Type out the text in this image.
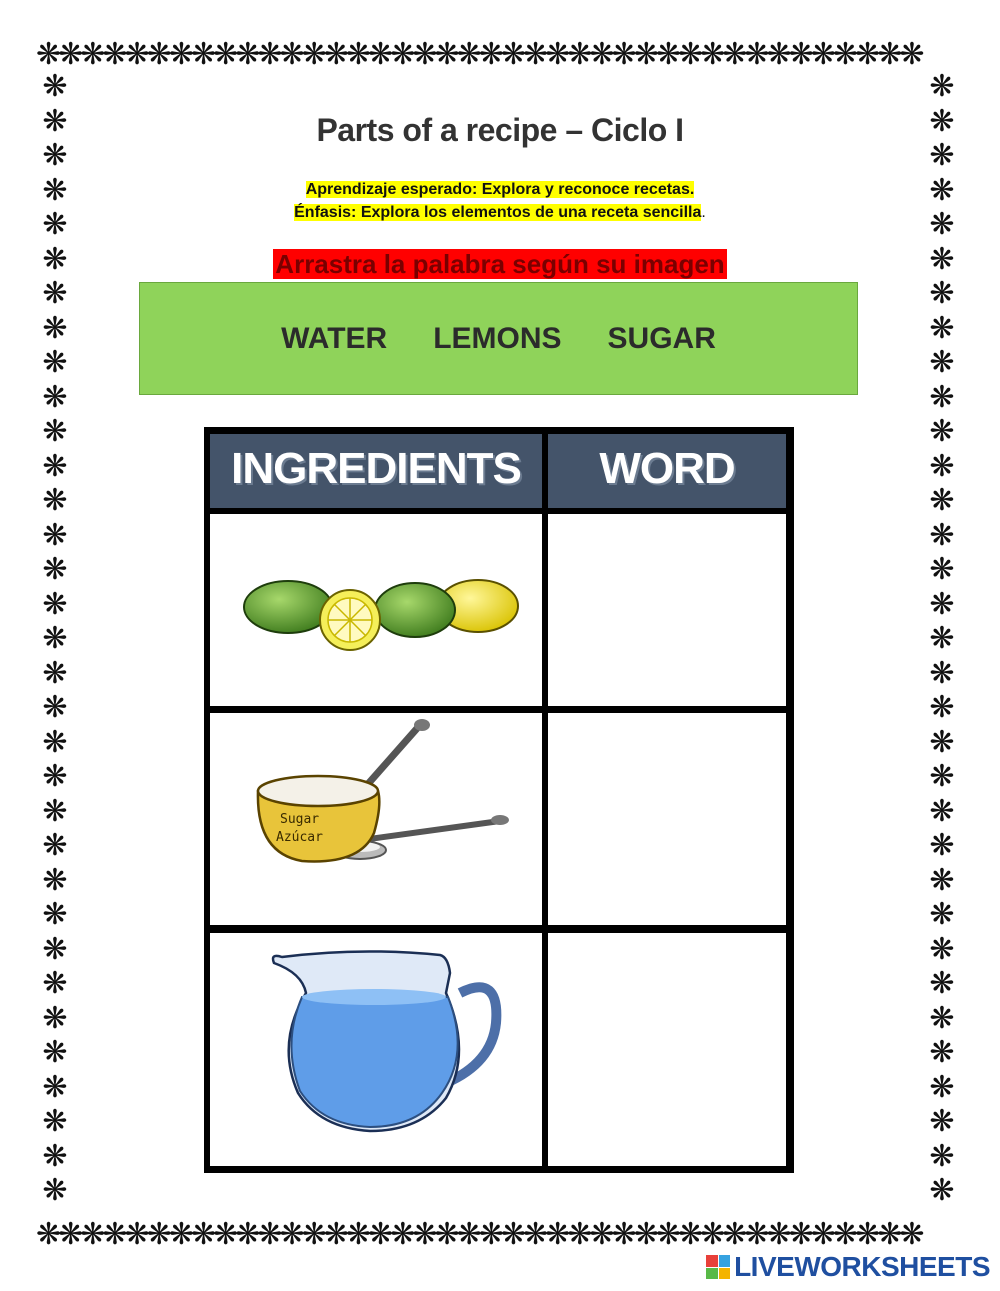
❋❋❋❋❋❋❋❋❋❋❋❋❋❋❋❋❋❋❋❋❋❋❋❋❋❋❋❋❋❋❋❋❋❋❋❋❋❋❋❋
❋❋❋❋❋❋❋❋❋❋❋❋❋❋❋❋❋❋❋❋❋❋❋❋❋❋❋❋❋❋❋❋❋❋❋❋❋❋❋❋
❋
❋
❋
❋
❋
❋
❋
❋
❋
❋
❋
❋
❋
❋
❋
❋
❋
❋
❋
❋
❋
❋
❋
❋
❋
❋
❋
❋
❋
❋
❋
❋
❋
❋
❋
❋
❋
❋
❋
❋
❋
❋
❋
❋
❋
❋
❋
❋
❋
❋
❋
❋
❋
❋
❋
❋
❋
❋
❋
❋
❋
❋
❋
❋
❋
❋
Parts of a recipe – Ciclo I
Aprendizaje esperado: Explora y reconoce recetas.
Énfasis: Explora los elementos de una receta sencilla.
Arrastra la palabra según su imagen
WATER LEMONS SUGAR
INGREDIENTS	WORD
Sugar
Azúcar
LIVEWORKSHEETS
